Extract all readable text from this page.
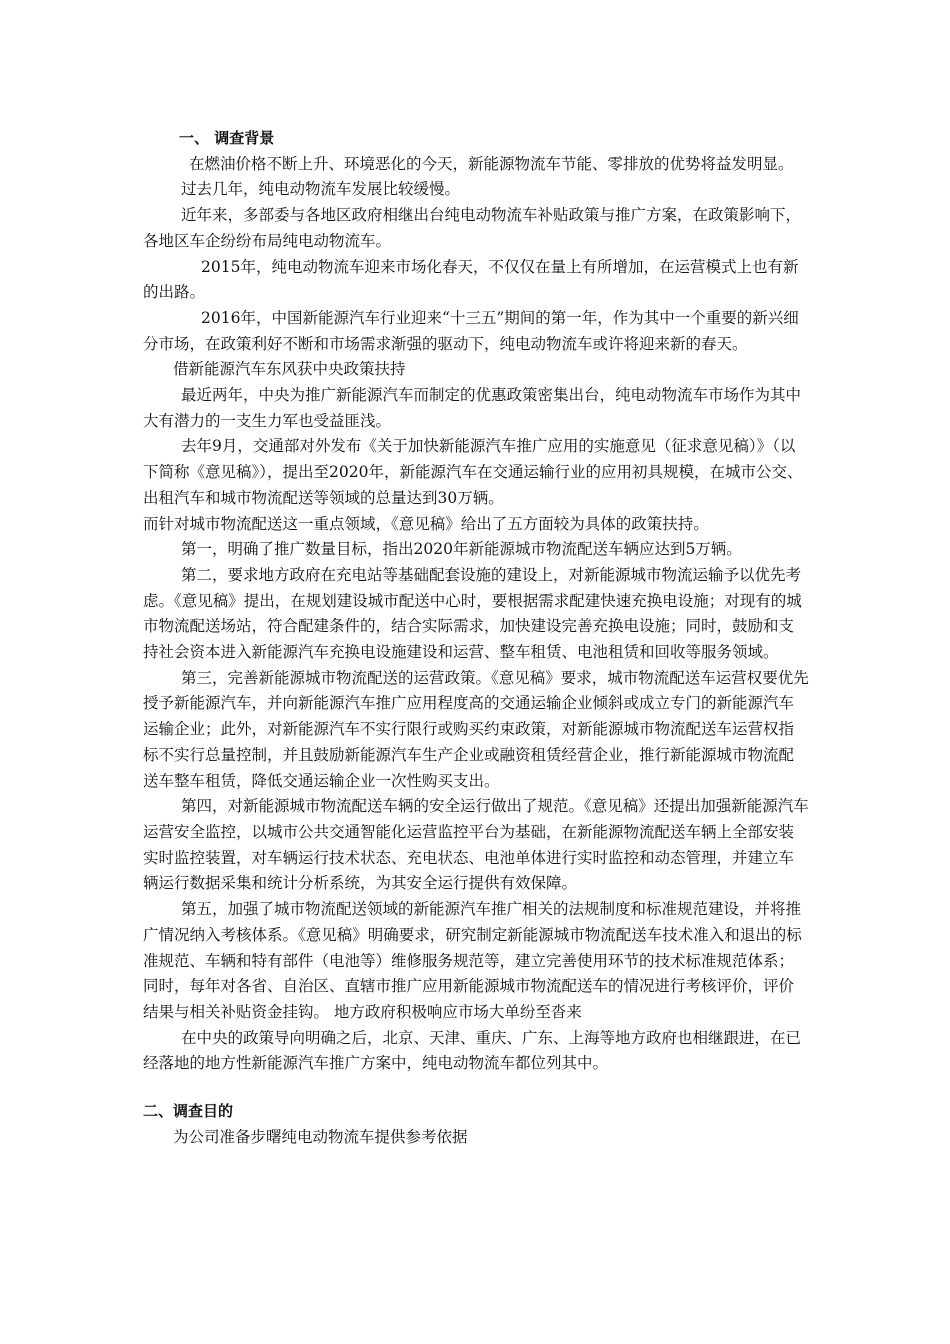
一、 调查背景

在燃油价格不断上升、环境恶化的今天，新能源物流车节能、零排放的优势将益发明显。

过去几年，纯电动物流车发展比较缓慢。

近年来，多部委与各地区政府相继出台纯电动物流车补贴政策与推广方案，在政策影响下，各地区车企纷纷布局纯电动物流车。

2015年，纯电动物流车迎来市场化春天，不仅仅在量上有所增加，在运营模式上也有新的出路。

2016年，中国新能源汽车行业迎来“十三五”期间的第一年，作为其中一个重要的新兴细分市场，在政策利好不断和市场需求渐强的驱动下，纯电动物流车或许将迎来新的春天。

借新能源汽车东风获中央政策扶持

最近两年，中央为推广新能源汽车而制定的优惠政策密集出台，纯电动物流车市场作为其中大有潜力的一支生力军也受益匪浅。

去年9月，交通部对外发布《关于加快新能源汽车推广应用的实施意见（征求意见稿）》（以下简称《意见稿》），提出至2020年，新能源汽车在交通运输行业的应用初具规模，在城市公交、出租汽车和城市物流配送等领域的总量达到30万辆。

而针对城市物流配送这一重点领域，《意见稿》给出了五方面较为具体的政策扶持。

第一，明确了推广数量目标，指出2020年新能源城市物流配送车辆应达到5万辆。

第二，要求地方政府在充电站等基础配套设施的建设上，对新能源城市物流运输予以优先考虑。《意见稿》提出，在规划建设城市配送中心时，要根据需求配建快速充换电设施；对现有的城市物流配送场站，符合配建条件的，结合实际需求，加快建设完善充换电设施；同时，鼓励和支持社会资本进入新能源汽车充换电设施建设和运营、整车租赁、电池租赁和回收等服务领域。

第三，完善新能源城市物流配送的运营政策。《意见稿》要求，城市物流配送车运营权要优先授予新能源汽车，并向新能源汽车推广应用程度高的交通运输企业倾斜或成立专门的新能源汽车运输企业；此外，对新能源汽车不实行限行或购买约束政策，对新能源城市物流配送车运营权指标不实行总量控制，并且鼓励新能源汽车生产企业或融资租赁经营企业，推行新能源城市物流配送车整车租赁，降低交通运输企业一次性购买支出。

第四，对新能源城市物流配送车辆的安全运行做出了规范。《意见稿》还提出加强新能源汽车运营安全监控，以城市公共交通智能化运营监控平台为基础，在新能源物流配送车辆上全部安装实时监控装置，对车辆运行技术状态、充电状态、电池单体进行实时监控和动态管理，并建立车辆运行数据采集和统计分析系统，为其安全运行提供有效保障。

第五，加强了城市物流配送领域的新能源汽车推广相关的法规制度和标准规范建设，并将推广情况纳入考核体系。《意见稿》明确要求，研究制定新能源城市物流配送车技术准入和退出的标准规范、车辆和特有部件（电池等）维修服务规范等，建立完善使用环节的技术标准规范体系；同时，每年对各省、自治区、直辖市推广应用新能源城市物流配送车的情况进行考核评价，评价结果与相关补贴资金挂钩。 地方政府积极响应市场大单纷至沓来

在中央的政策导向明确之后，北京、天津、重庆、广东、上海等地方政府也相继跟进，在已经落地的地方性新能源汽车推广方案中，纯电动物流车都位列其中。

二、调查目的

为公司准备步曙纯电动物流车提供参考依据
